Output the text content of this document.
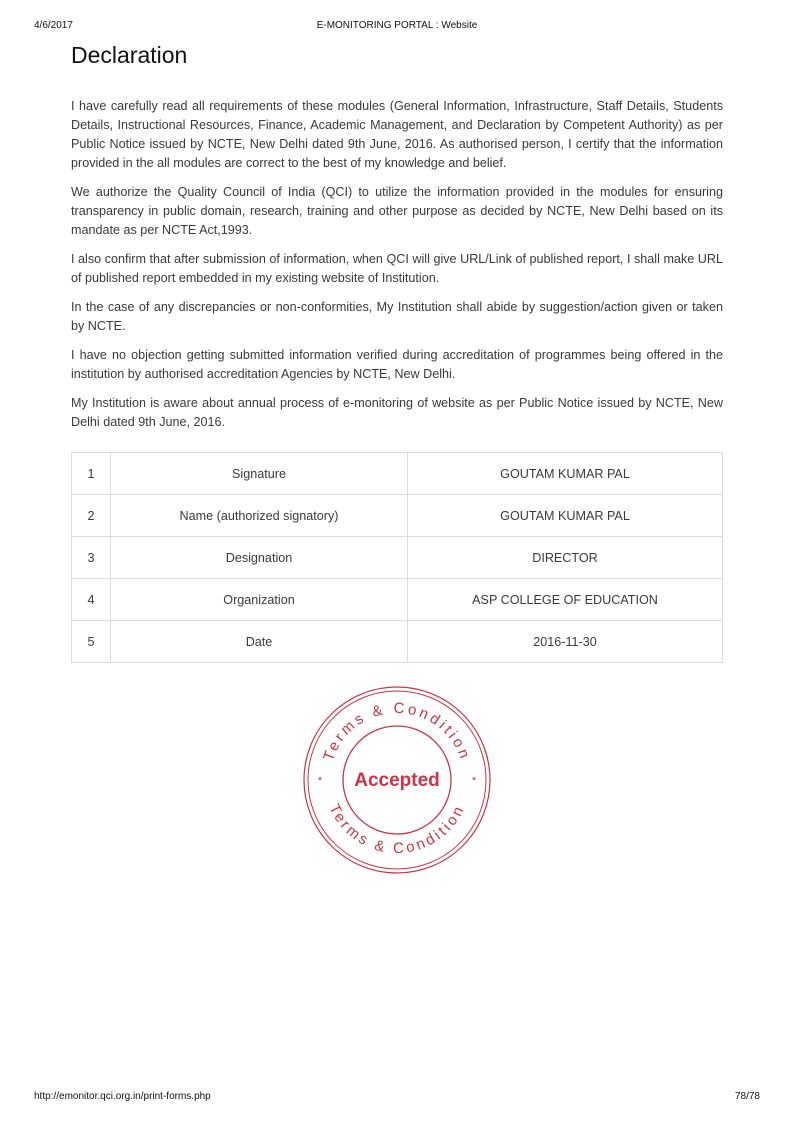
4/6/2017	E-MONITORING PORTAL : Website
Declaration

I have carefully read all requirements of these modules (General Information, Infrastructure, Staff Details, Students Details, Instructional Resources, Finance, Academic Management, and Declaration by Competent Authority) as per Public Notice issued by NCTE, New Delhi dated 9th June, 2016. As authorised person, I certify that the information provided in the all modules are correct to the best of my knowledge and belief.

We authorize the Quality Council of India (QCI) to utilize the information provided in the modules for ensuring transparency in public domain, research, training and other purpose as decided by NCTE, New Delhi based on its mandate as per NCTE Act,1993.

I also confirm that after submission of information, when QCI will give URL/Link of published report, I shall make URL of published report embedded in my existing website of Institution.

In the case of any discrepancies or non-conformities, My Institution shall abide by suggestion/action given or taken by NCTE.

I have no objection getting submitted information verified during accreditation of programmes being offered in the institution by authorised accreditation Agencies by NCTE, New Delhi.

My Institution is aware about annual process of e-monitoring of website as per Public Notice issued by NCTE, New Delhi dated 9th June, 2016.

1	Signature	GOUTAM KUMAR PAL
2	Name (authorized signatory)	GOUTAM KUMAR PAL
3	Designation	DIRECTOR
4	Organization	ASP COLLEGE OF EDUCATION
5	Date	2016-11-30
Terms & Condition
Terms & Condition
Accepted
*	*
http://emonitor.qci.org.in/print-forms.php	78/78
